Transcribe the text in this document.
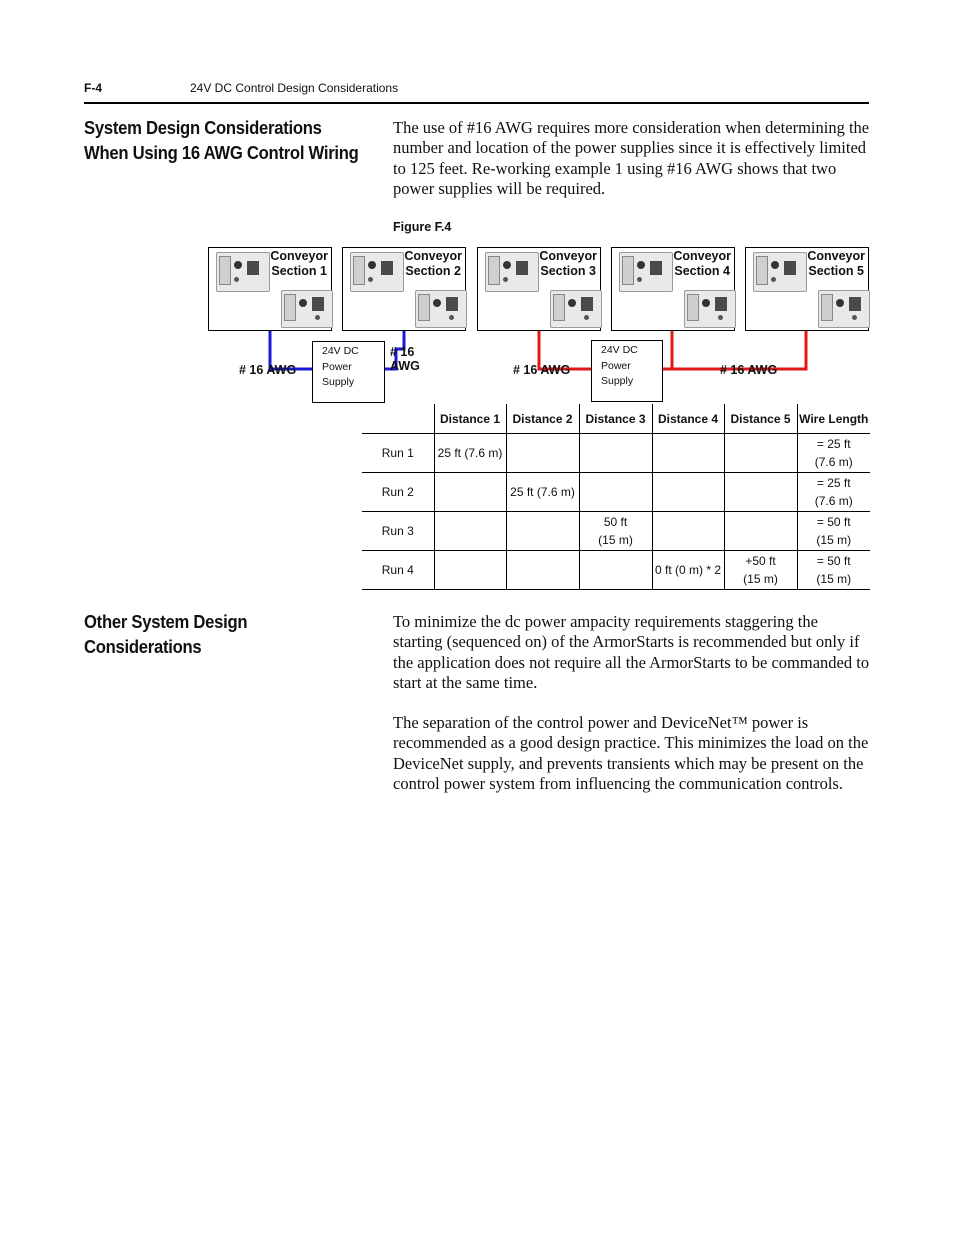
F-4	24V DC Control Design Considerations
System Design Considerations
When Using 16 AWG Control Wiring
The use of #16 AWG requires more consideration when determining the number and location of the power supplies since it is effectively limited to 125 feet. Re-working example 1 using #16 AWG shows that two power supplies will be required.
Figure F.4
Conveyor
Section 1
Conveyor
Section 2
Conveyor
Section 3
Conveyor
Section 4
Conveyor
Section 5
24V DC
Power
Supply
24V DC
Power
Supply
# 16 AWG
# 16
AWG	# 16 AWG	# 16 AWG
	Distance 1	Distance 2	Distance 3	Distance 4	Distance 5	Wire Length
Run 1	25 ft (7.6 m)					= 25 ft
(7.6 m)
Run 2		25 ft (7.6 m)				= 25 ft
(7.6 m)
Run 3			50 ft
(15 m)			= 50 ft
(15 m)
Run 4				0 ft (0 m) * 2	+50 ft
(15 m)	= 50 ft
(15 m)
Other System Design
Considerations
To minimize the dc power ampacity requirements staggering the starting (sequenced on) of the ArmorStarts is recommended but only if the application does not require all the ArmorStarts to be commanded to start at the same time.
The separation of the control power and DeviceNet™ power is recommended as a good design practice. This minimizes the load on the DeviceNet supply, and prevents transients which may be present on the control power system from influencing the communication controls.
